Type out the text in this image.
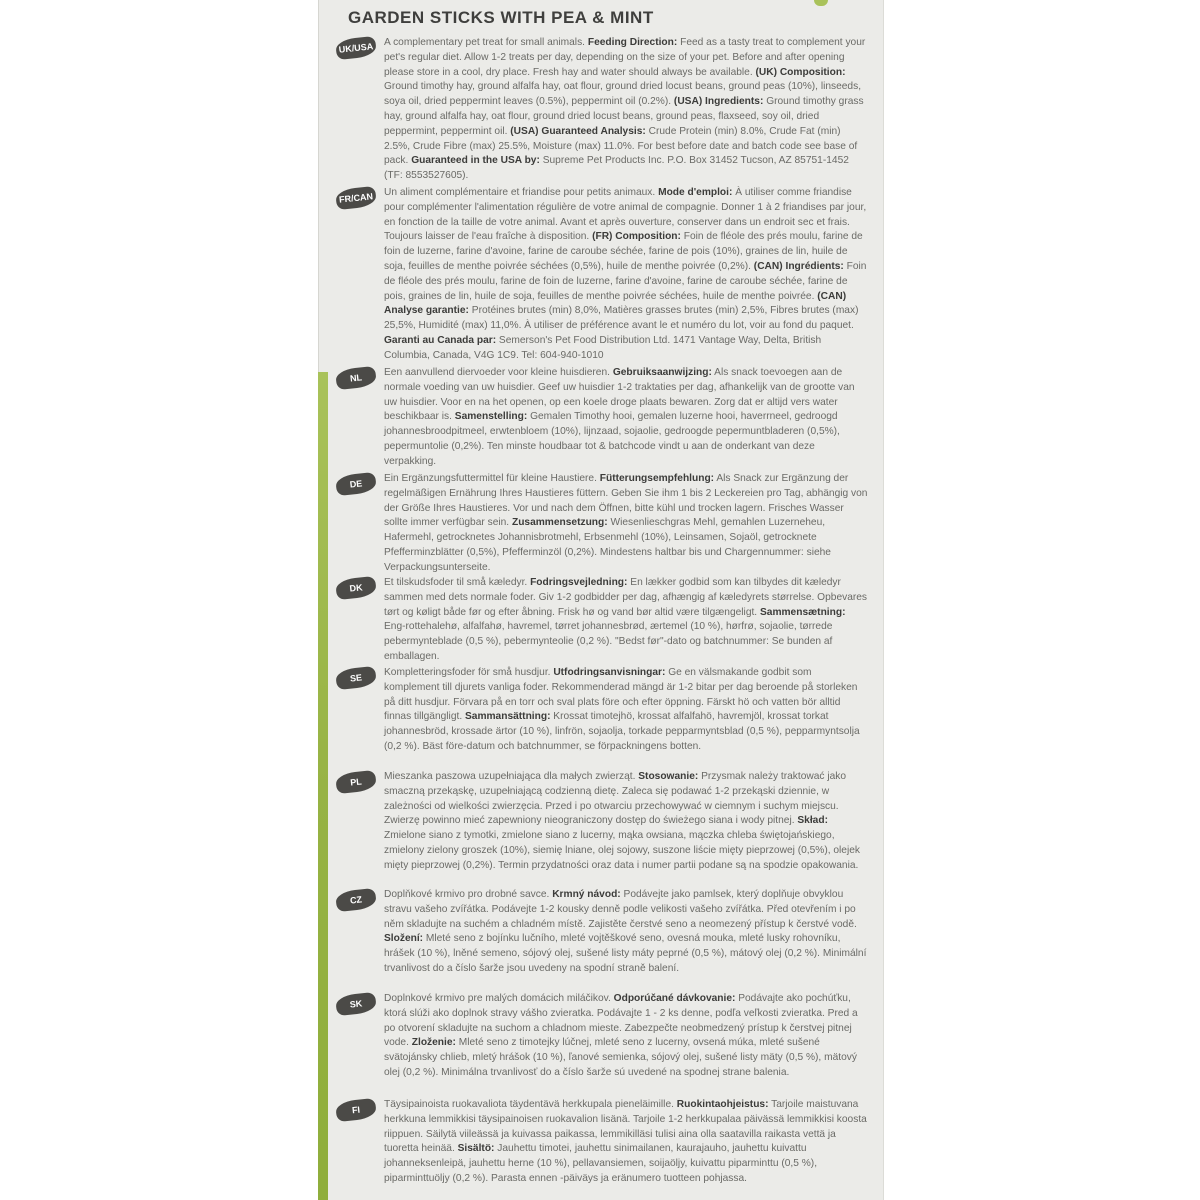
GARDEN STICKS WITH PEA & MINT
UK/USA	A complementary pet treat for small animals. Feeding Direction: Feed as a tasty treat to complement your pet's regular diet. Allow 1-2 treats per day, depending on the size of your pet. Before and after opening please store in a cool, dry place. Fresh hay and water should always be available. (UK) Composition: Ground timothy hay, ground alfalfa hay, oat flour, ground dried locust beans, ground peas (10%), linseeds, soya oil, dried peppermint leaves (0.5%), peppermint oil (0.2%). (USA) Ingredients: Ground timothy grass hay, ground alfalfa hay, oat flour, ground dried locust beans, ground peas, flaxseed, soy oil, dried peppermint, peppermint oil. (USA) Guaranteed Analysis: Crude Protein (min) 8.0%, Crude Fat (min) 2.5%, Crude Fibre (max) 25.5%, Moisture (max) 11.0%. For best before date and batch code see base of pack. Guaranteed in the USA by: Supreme Pet Products Inc. P.O. Box 31452 Tucson, AZ 85751-1452 (TF: 8553527605).
FR/CAN	Un aliment complémentaire et friandise pour petits animaux. Mode d'emploi: À utiliser comme friandise pour complémenter l'alimentation régulière de votre animal de compagnie. Donner 1 à 2 friandises par jour, en fonction de la taille de votre animal. Avant et après ouverture, conserver dans un endroit sec et frais. Toujours laisser de l'eau fraîche à disposition. (FR) Composition: Foin de fléole des prés moulu, farine de foin de luzerne, farine d'avoine, farine de caroube séchée, farine de pois (10%), graines de lin, huile de soja, feuilles de menthe poivrée séchées (0,5%), huile de menthe poivrée (0,2%). (CAN) Ingrédients: Foin de fléole des prés moulu, farine de foin de luzerne, farine d'avoine, farine de caroube séchée, farine de pois, graines de lin, huile de soja, feuilles de menthe poivrée séchées, huile de menthe poivrée. (CAN) Analyse garantie: Protéines brutes (min) 8,0%, Matières grasses brutes (min) 2,5%, Fibres brutes (max) 25,5%, Humidité (max) 11,0%. À utiliser de préférence avant le et numéro du lot, voir au fond du paquet. Garanti au Canada par: Semerson's Pet Food Distribution Ltd. 1471 Vantage Way, Delta, British Columbia, Canada, V4G 1C9. Tel: 604-940-1010
NL	Een aanvullend diervoeder voor kleine huisdieren. Gebruiksaanwijzing: Als snack toevoegen aan de normale voeding van uw huisdier. Geef uw huisdier 1-2 traktaties per dag, afhankelijk van de grootte van uw huisdier. Voor en na het openen, op een koele droge plaats bewaren. Zorg dat er altijd vers water beschikbaar is. Samenstelling: Gemalen Timothy hooi, gemalen luzerne hooi, haverrneel, gedroogd johannesbroodpitmeel, erwtenbloem (10%), lijnzaad, sojaolie, gedroogde pepermuntbladeren (0,5%), pepermuntolie (0,2%). Ten minste houdbaar tot & batchcode vindt u aan de onderkant van deze verpakking.
DE	Ein Ergänzungsfuttermittel für kleine Haustiere. Fütterungsempfehlung: Als Snack zur Ergänzung der regelmäßigen Ernährung Ihres Haustieres füttern. Geben Sie ihm 1 bis 2 Leckereien pro Tag, abhängig von der Größe Ihres Haustieres. Vor und nach dem Öffnen, bitte kühl und trocken lagern. Frisches Wasser sollte immer verfügbar sein. Zusammensetzung: Wiesenlieschgras Mehl, gemahlen Luzerneheu, Hafermehl, getrocknetes Johannisbrotmehl, Erbsenmehl (10%), Leinsamen, Sojaöl, getrocknete Pfefferminzblätter (0,5%), Pfefferminzöl (0,2%). Mindestens haltbar bis und Chargennummer: siehe Verpackungsunterseite.
DK	Et tilskudsfoder til små kæledyr. Fodringsvejledning: En lækker godbid som kan tilbydes dit kæledyr sammen med dets normale foder. Giv 1-2 godbidder per dag, afhængig af kæledyrets størrelse. Opbevares tørt og køligt både før og efter åbning. Frisk hø og vand bør altid være tilgængeligt. Sammensætning: Eng-rottehalehø, alfalfahø, havremel, tørret johannesbrød, ærtemel (10 %), hørfrø, sojaolie, tørrede pebermynteblade (0,5 %), pebermynteolie (0,2 %). "Bedst før"-dato og batchnummer: Se bunden af emballagen.
SE	Kompletteringsfoder för små husdjur. Utfodringsanvisningar: Ge en välsmakande godbit som komplement till djurets vanliga foder. Rekommenderad mängd är 1-2 bitar per dag beroende på storleken på ditt husdjur. Förvara på en torr och sval plats före och efter öppning. Färskt hö och vatten bör alltid finnas tillgängligt. Sammansättning: Krossat timotejhö, krossat alfalfahö, havremjöl, krossat torkat johannesbröd, krossade ärtor (10 %), linfrön, sojaolja, torkade pepparmyntsblad (0,5 %), pepparmyntsolja (0,2 %). Bäst före-datum och batchnummer, se förpackningens botten.
PL	Mieszanka paszowa uzupełniająca dla małych zwierząt. Stosowanie: Przysmak należy traktować jako smaczną przekąskę, uzupełniającą codzienną dietę. Zaleca się podawać 1-2 przekąski dziennie, w zależności od wielkości zwierzęcia. Przed i po otwarciu przechowywać w ciemnym i suchym miejscu. Zwierzę powinno mieć zapewniony nieograniczony dostęp do świeżego siana i wody pitnej. Skład: Zmielone siano z tymotki, zmielone siano z lucerny, mąka owsiana, mączka chleba świętojańskiego, zmielony zielony groszek (10%), siemię lniane, olej sojowy, suszone liście mięty pieprzowej (0,5%), olejek mięty pieprzowej (0,2%). Termin przydatności oraz data i numer partii podane są na spodzie opakowania.
CZ	Doplňkové krmivo pro drobné savce. Krmný návod: Podávejte jako pamlsek, který doplňuje obvyklou stravu vašeho zvířátka. Podávejte 1-2 kousky denně podle velikosti vašeho zvířátka. Před otevřením i po něm skladujte na suchém a chladném místě. Zajistěte čerstvé seno a neomezený přístup k čerstvé vodě. Složení: Mleté seno z bojínku lučního, mleté vojtěškové seno, ovesná mouka, mleté lusky rohovníku, hrášek (10 %), lněné semeno, sójový olej, sušené listy máty peprné (0,5 %), mátový olej (0,2 %). Minimální trvanlivost do a číslo šarže jsou uvedeny na spodní straně balení.
SK	Doplnkové krmivo pre malých domácich miláčikov. Odporúčané dávkovanie: Podávajte ako pochúťku, ktorá slúži ako doplnok stravy vášho zvieratka. Podávajte 1 - 2 ks denne, podľa veľkosti zvieratka. Pred a po otvorení skladujte na suchom a chladnom mieste. Zabezpečte neobmedzený prístup k čerstvej pitnej vode. Zloženie: Mleté seno z timotejky lúčnej, mleté seno z lucerny, ovsená múka, mleté sušené svätojánsky chlieb, mletý hrášok (10 %), ľanové semienka, sójový olej, sušené listy mäty (0,5 %), mätový olej (0,2 %). Minimálna trvanlivosť do a číslo šarže sú uvedené na spodnej strane balenia.
FI	Täysipainoista ruokavaliota täydentävä herkkupala pieneläimille. Ruokintaohjeistus: Tarjoile maistuvana herkkuna lemmikkisi täysipainoisen ruokavalion lisänä. Tarjoile 1-2 herkkupalaa päivässä lemmikkisi koosta riippuen. Säilytä viileässä ja kuivassa paikassa, lemmikilläsi tulisi aina olla saatavilla raikasta vettä ja tuoretta heinää. Sisältö: Jauhettu timotei, jauhettu sinimailanen, kaurajauho, jauhettu kuivattu johanneksenleipä, jauhettu herne (10 %), pellavansiemen, soijaöljy, kuivattu piparminttu (0,5 %), piparminttuöljy (0,2 %). Parasta ennen -päiväys ja eränumero tuotteen pohjassa.
